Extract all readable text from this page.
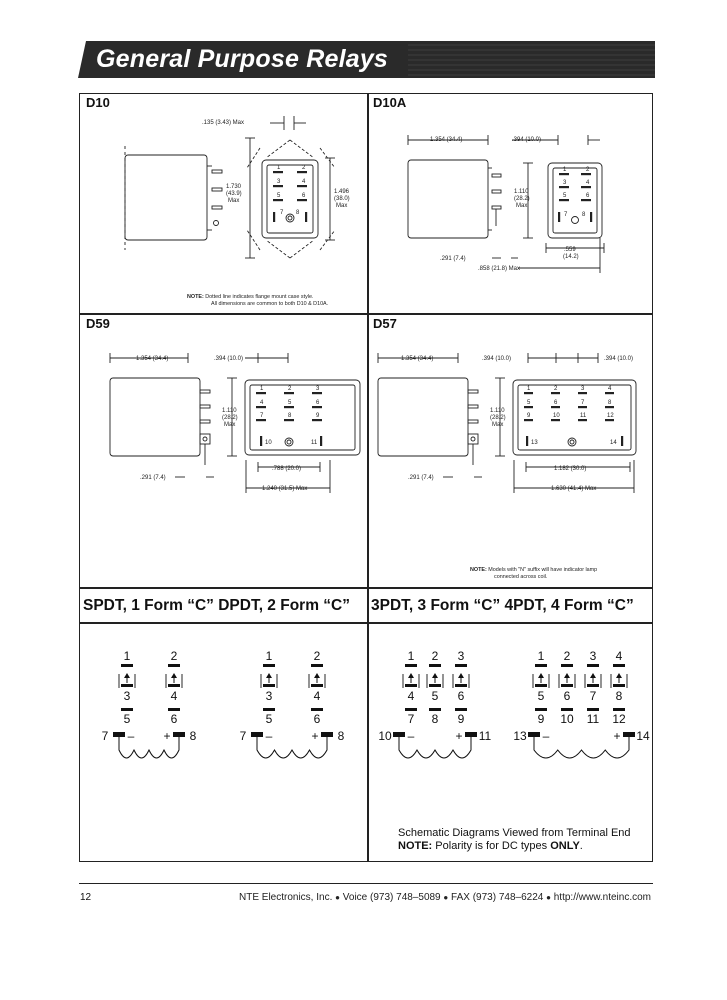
General Purpose Relays
D10	D10A
D59	D57
.135 (3.43) Max
1.730
(43.9)
Max
1.496
(38.0)
Max
1	2
3	4
5	6
7 8
NOTE: Dotted line indicates flange mount case style.
All dimensions are common to both D10 & D10A.
1.354 (34.4)	.394 (10.0)
1.110
(28.2)
Max
.559
(14.2)
.291 (7.4)
.858 (21.8) Max
1	2
3	4
5	6
7 8
1.354 (34.4)	.394 (10.0)
1.110
(28.2)
Max
.788 (20.0)
.291 (7.4)
1.240 (31.5) Max
1	2	3
4	5	6
7	8	9
10	11
1.354 (34.4)	.394 (10.0)	.394 (10.0)
1.110
(28.2)
Max
1.182 (30.0)
.291 (7.4)
1.630 (41.4) Max
1	2	3	4
5	6	7	8
9	10	11	12
13	14
NOTE: Models with "N" suffix will have indicator lamp
connected across coil.
SPDT, 1 Form “C” DPDT, 2 Form “C” 3PDT, 3 Form “C” 4PDT, 4 Form “C”
1
3
5
2
4
6
7 – + 8
1
3
5
2
4
6
7 –	+ 8
1
4
7
2
5
8
3
6
9
10 –	+ 11
1
5
9
2
6
10
3
7
11
4
8
12
13 –	+ 14
Schematic Diagrams Viewed from Terminal End
NOTE: Polarity is for DC types ONLY.
12	NTE Electronics, Inc. ● Voice (973) 748–5089 ● FAX (973) 748–6224 ● http://www.nteinc.com
